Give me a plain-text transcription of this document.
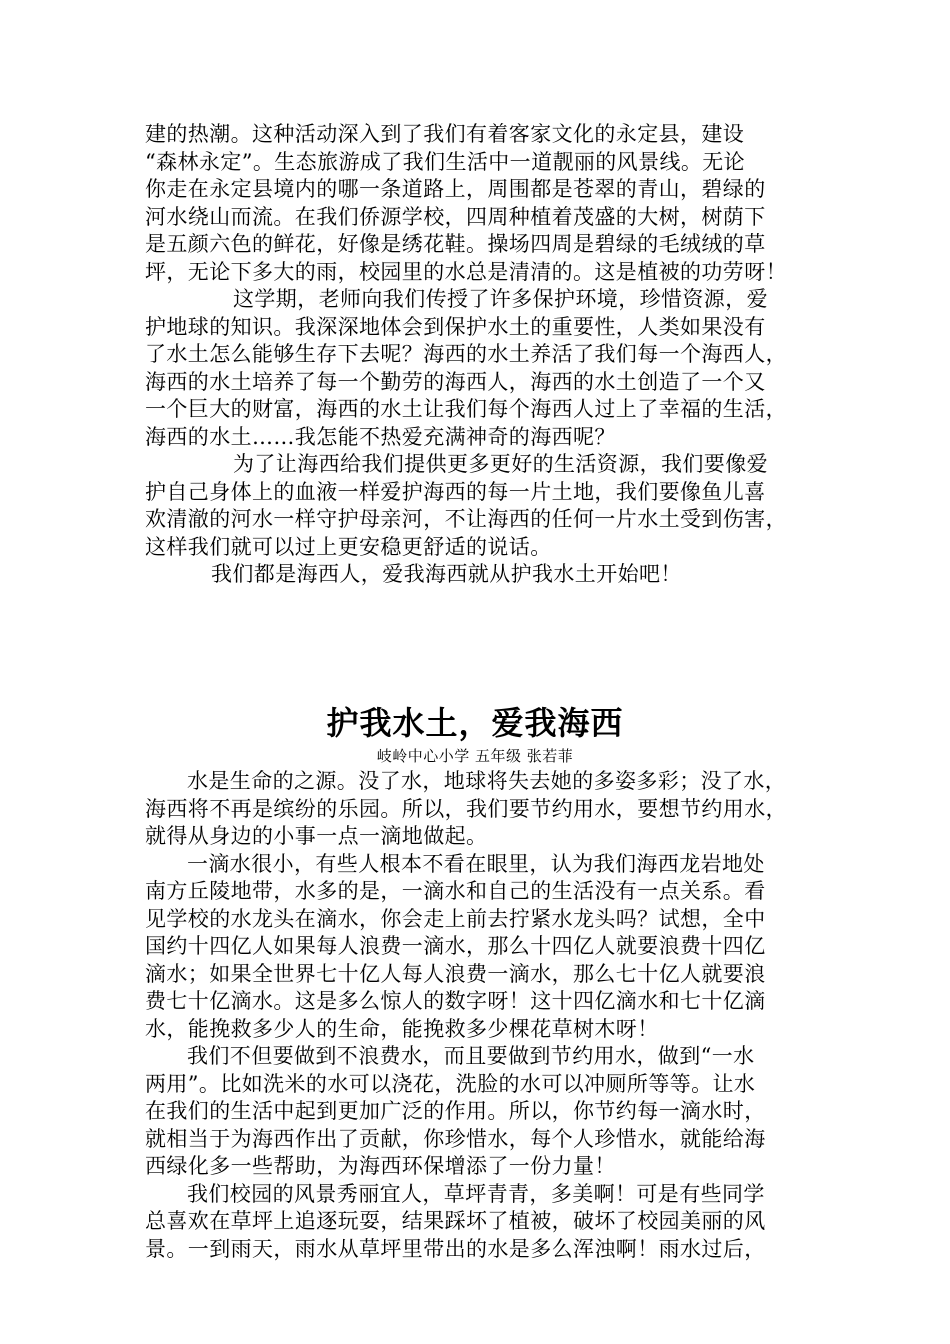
建的热潮。这种活动深入到了我们有着客家文化的永定县，建设
“森林永定”。生态旅游成了我们生活中一道靓丽的风景线。无论
你走在永定县境内的哪一条道路上，周围都是苍翠的青山，碧绿的
河水绕山而流。在我们侨源学校，四周种植着茂盛的大树，树荫下
是五颜六色的鲜花，好像是绣花鞋。操场四周是碧绿的毛绒绒的草
坪，无论下多大的雨，校园里的水总是清清的。这是植被的功劳呀！
这学期，老师向我们传授了许多保护环境，珍惜资源，爱
护地球的知识。我深深地体会到保护水土的重要性，人类如果没有
了水土怎么能够生存下去呢？海西的水土养活了我们每一个海西人，
海西的水土培养了每一个勤劳的海西人，海西的水土创造了一个又
一个巨大的财富，海西的水土让我们每个海西人过上了幸福的生活，
海西的水土……我怎能不热爱充满神奇的海西呢？
为了让海西给我们提供更多更好的生活资源，我们要像爱
护自己身体上的血液一样爱护海西的每一片土地，我们要像鱼儿喜
欢清澈的河水一样守护母亲河，不让海西的任何一片水土受到伤害，
这样我们就可以过上更安稳更舒适的说话。
我们都是海西人，爱我海西就从护我水土开始吧！
护我水土，爱我海西
岐岭中心小学 五年级 张若菲
水是生命的之源。没了水，地球将失去她的多姿多彩；没了水，
海西将不再是缤纷的乐园。所以，我们要节约用水，要想节约用水，
就得从身边的小事一点一滴地做起。
一滴水很小，有些人根本不看在眼里，认为我们海西龙岩地处
南方丘陵地带，水多的是，一滴水和自己的生活没有一点关系。看
见学校的水龙头在滴水，你会走上前去拧紧水龙头吗？试想，全中
国约十四亿人如果每人浪费一滴水，那么十四亿人就要浪费十四亿
滴水；如果全世界七十亿人每人浪费一滴水，那么七十亿人就要浪
费七十亿滴水。这是多么惊人的数字呀！这十四亿滴水和七十亿滴
水，能挽救多少人的生命，能挽救多少棵花草树木呀！
我们不但要做到不浪费水，而且要做到节约用水，做到“一水
两用”。比如洗米的水可以浇花，洗脸的水可以冲厕所等等。让水
在我们的生活中起到更加广泛的作用。所以，你节约每一滴水时，
就相当于为海西作出了贡献，你珍惜水，每个人珍惜水，就能给海
西绿化多一些帮助，为海西环保增添了一份力量！
我们校园的风景秀丽宜人，草坪青青，多美啊！可是有些同学
总喜欢在草坪上追逐玩耍，结果踩坏了植被，破坏了校园美丽的风
景。一到雨天，雨水从草坪里带出的水是多么浑浊啊！雨水过后，
